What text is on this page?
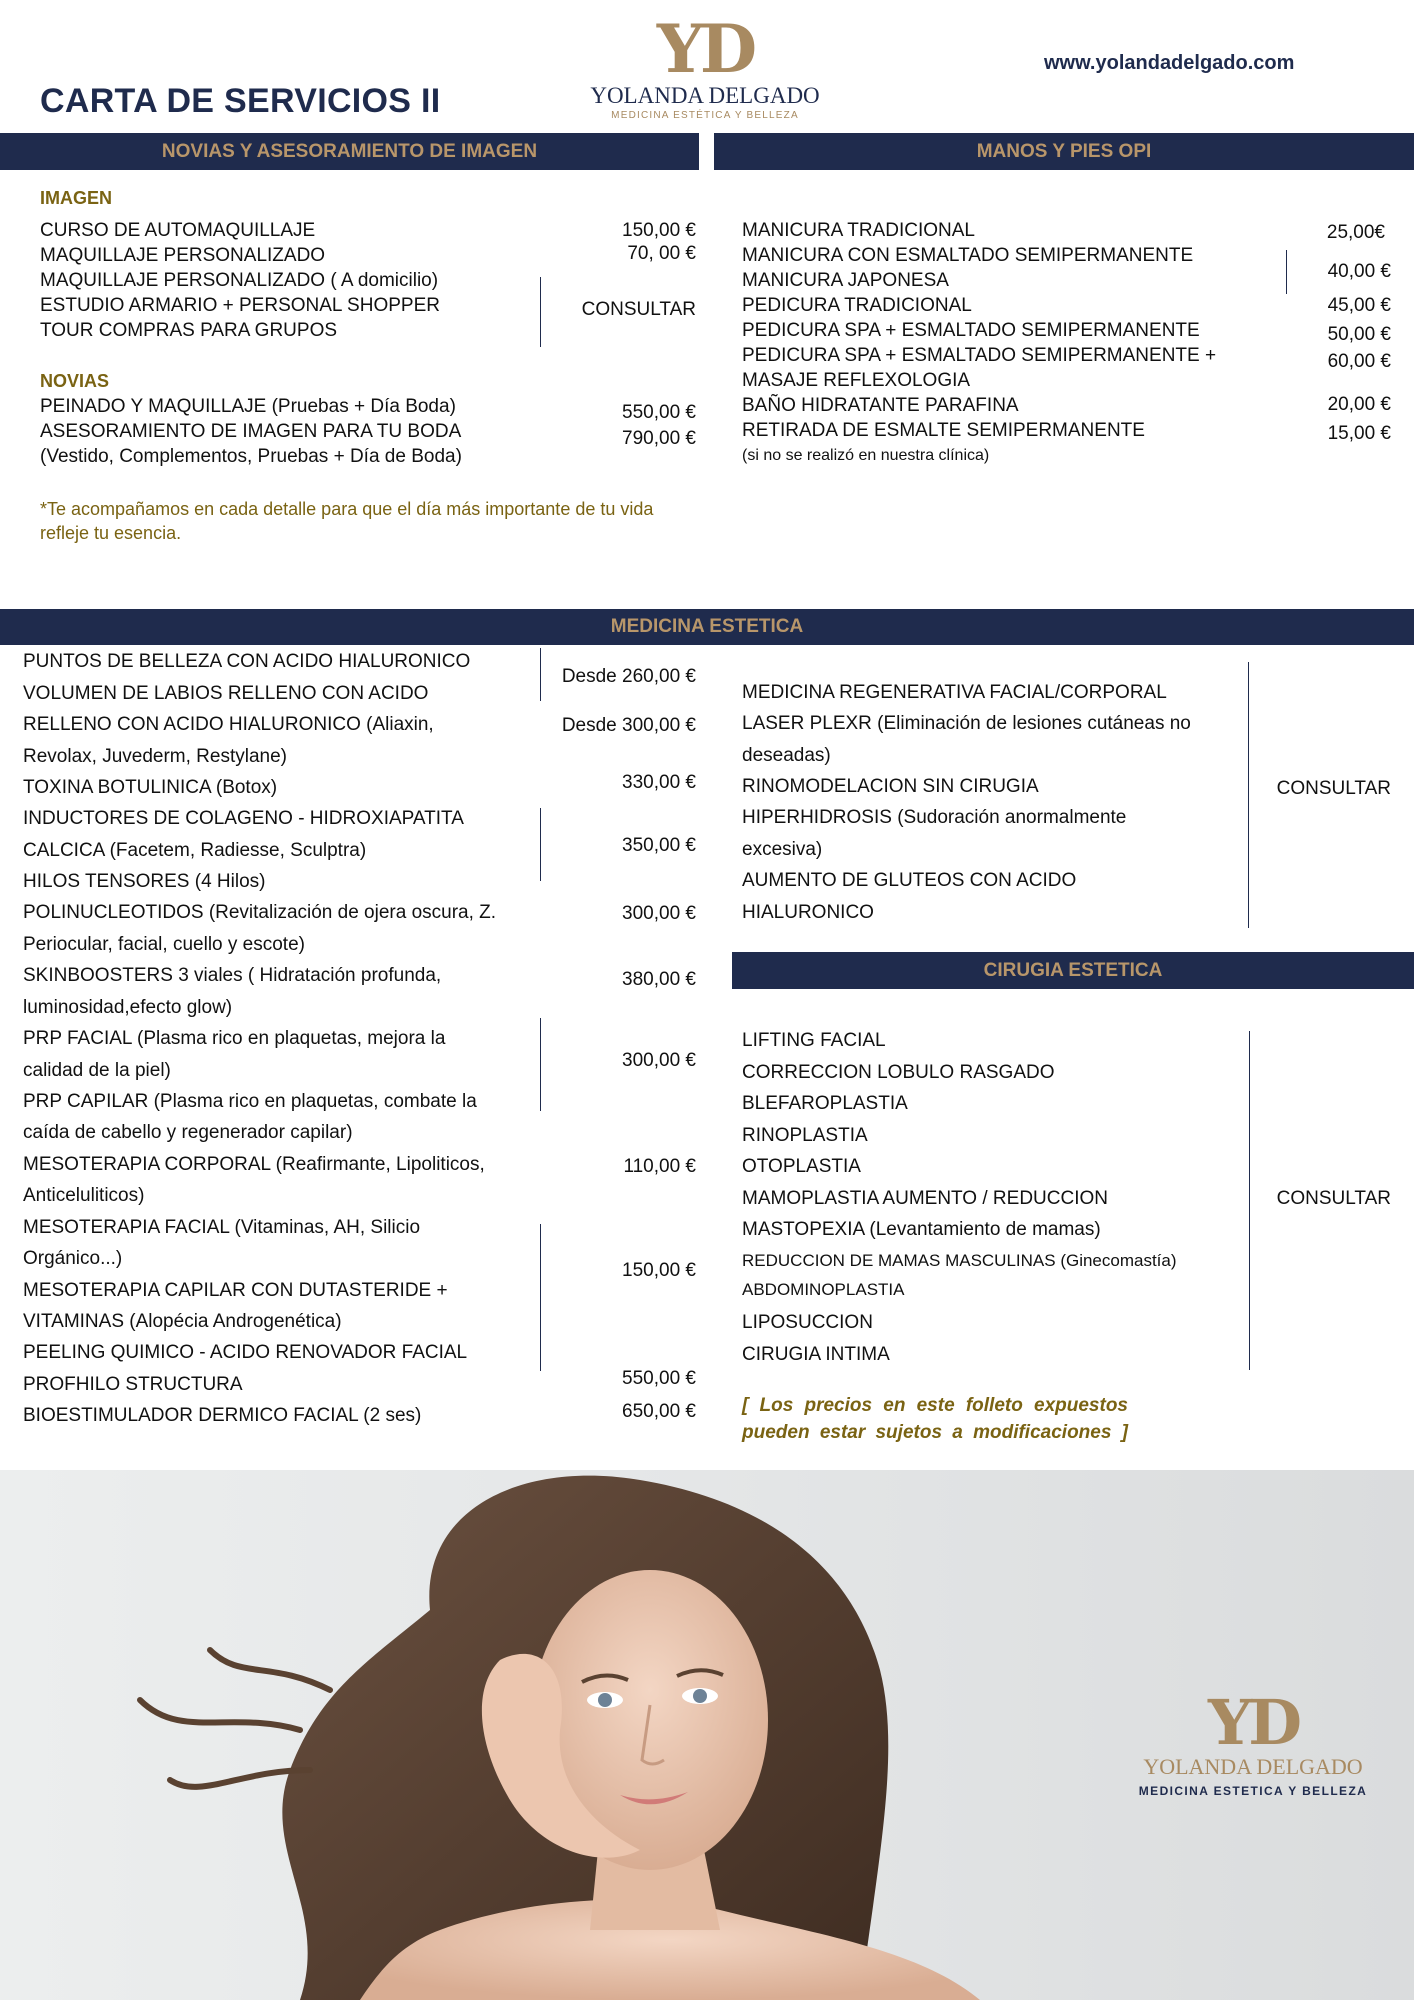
CARTA DE SERVICIOS II
YD
YOLANDA DELGADO
MEDICINA ESTÉTICA Y BELLEZA
www.yolandadelgado.com
NOVIAS Y ASESORAMIENTO DE IMAGEN	MANOS Y PIES OPI
IMAGEN
CURSO DE AUTOMAQUILLAJE
MAQUILLAJE PERSONALIZADO
MAQUILLAJE PERSONALIZADO ( A domicilio)
ESTUDIO ARMARIO + PERSONAL SHOPPER
TOUR COMPRAS PARA GRUPOS
150,00 €
70, 00 €
CONSULTAR
NOVIAS
PEINADO Y MAQUILLAJE (Pruebas + Día Boda)
ASESORAMIENTO DE IMAGEN PARA TU BODA
(Vestido, Complementos, Pruebas + Día de Boda)
550,00 €
790,00 €
*Te acompañamos en cada detalle para que el día más importante de tu vida refleje tu esencia.
MANICURA TRADICIONAL
MANICURA CON ESMALTADO SEMIPERMANENTE
MANICURA JAPONESA
PEDICURA TRADICIONAL
PEDICURA SPA + ESMALTADO SEMIPERMANENTE
PEDICURA SPA + ESMALTADO SEMIPERMANENTE +
MASAJE REFLEXOLOGIA
BAÑO HIDRATANTE PARAFINA
RETIRADA DE ESMALTE SEMIPERMANENTE
(si no se realizó en nuestra clínica)
25,00€
40,00 €
45,00 €
50,00 €
60,00 €
20,00 €
15,00 €
MEDICINA ESTETICA
PUNTOS DE BELLEZA CON ACIDO HIALURONICO
VOLUMEN DE LABIOS RELLENO CON ACIDO
RELLENO CON ACIDO HIALURONICO (Aliaxin,
Revolax, Juvederm, Restylane)
TOXINA BOTULINICA (Botox)
INDUCTORES DE COLAGENO - HIDROXIAPATITA
CALCICA (Facetem, Radiesse, Sculptra)
HILOS TENSORES (4 Hilos)
POLINUCLEOTIDOS (Revitalización de ojera oscura, Z.
Periocular, facial, cuello y escote)
SKINBOOSTERS 3 viales ( Hidratación profunda,
luminosidad,efecto glow)
PRP FACIAL (Plasma rico en plaquetas, mejora la
calidad de la piel)
PRP CAPILAR (Plasma rico en plaquetas, combate la
caída de cabello y regenerador capilar)
MESOTERAPIA CORPORAL (Reafirmante, Lipoliticos,
Anticeluliticos)
MESOTERAPIA FACIAL (Vitaminas, AH, Silicio
Orgánico...)
MESOTERAPIA CAPILAR CON DUTASTERIDE +
VITAMINAS (Alopécia Androgenética)
PEELING QUIMICO - ACIDO RENOVADOR FACIAL
PROFHILO STRUCTURA
BIOESTIMULADOR DERMICO FACIAL (2 ses)
Desde 260,00 €
Desde 300,00 €
330,00 €
350,00 €
300,00 €
380,00 €
300,00 €
110,00 €
150,00 €
550,00 €
650,00 €
MEDICINA REGENERATIVA FACIAL/CORPORAL
LASER PLEXR (Eliminación de lesiones cutáneas no
deseadas)
RINOMODELACION SIN CIRUGIA
HIPERHIDROSIS (Sudoración anormalmente
excesiva)
AUMENTO DE GLUTEOS CON ACIDO
HIALURONICO
CONSULTAR
CIRUGIA ESTETICA
LIFTING FACIAL
CORRECCION LOBULO RASGADO
BLEFAROPLASTIA
RINOPLASTIA
OTOPLASTIA
MAMOPLASTIA AUMENTO / REDUCCION
MASTOPEXIA (Levantamiento de mamas)
REDUCCION DE MAMAS MASCULINAS (Ginecomastía)
ABDOMINOPLASTIA
LIPOSUCCION
CIRUGIA INTIMA
CONSULTAR
[ Los precios en este folleto expuestos pueden estar sujetos a modificaciones ]
YD
YOLANDA DELGADO
MEDICINA ESTETICA Y BELLEZA
